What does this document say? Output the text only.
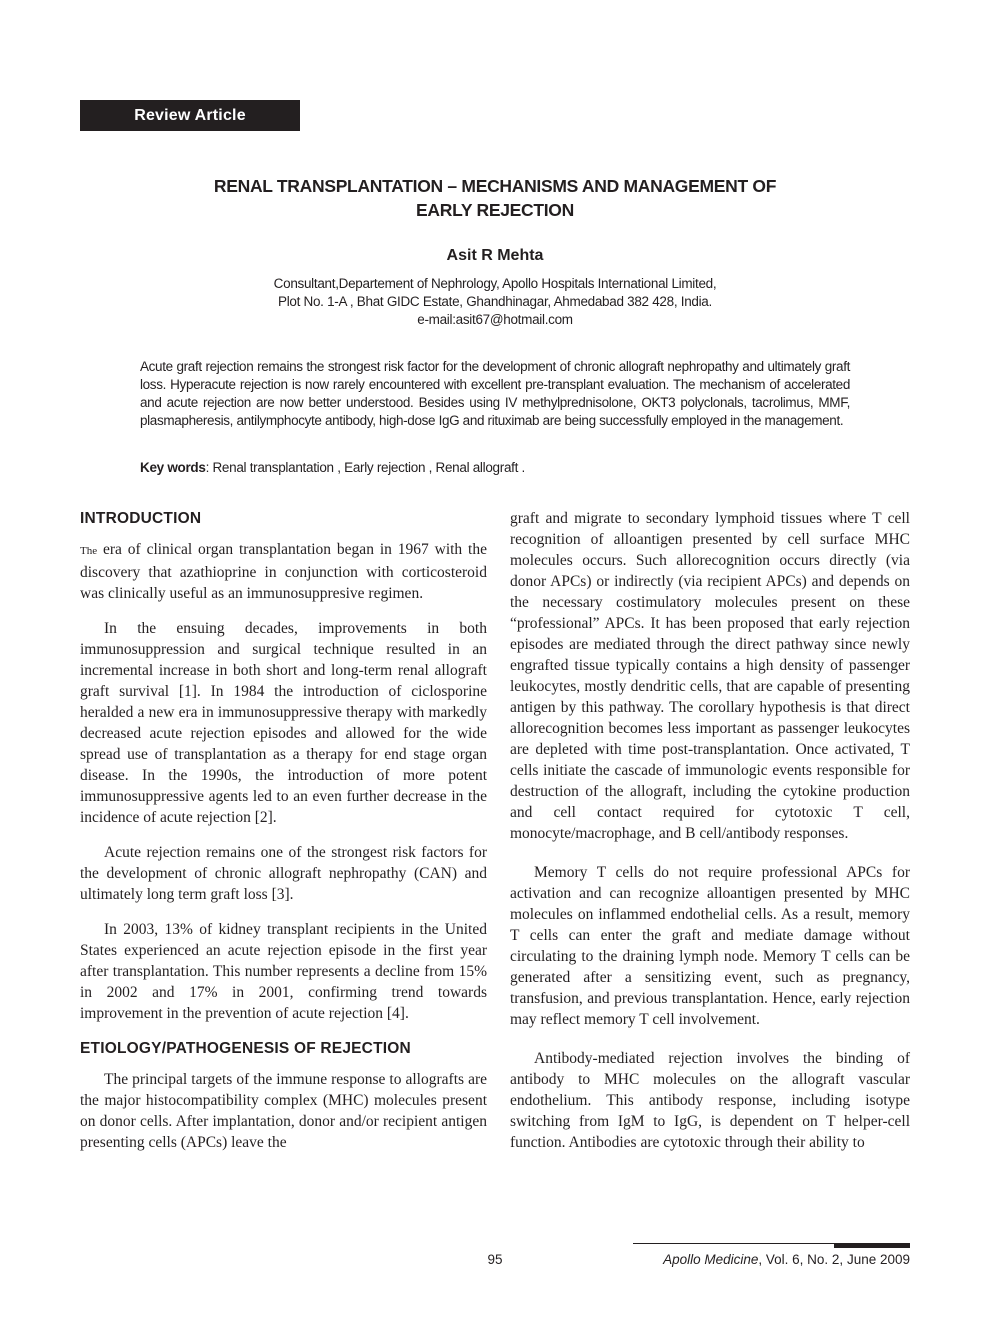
Review Article
RENAL TRANSPLANTATION – MECHANISMS AND MANAGEMENT OF
EARLY REJECTION
Asit R Mehta
Consultant,Departement of Nephrology, Apollo Hospitals International Limited,
Plot No. 1-A , Bhat GIDC Estate, Ghandhinagar, Ahmedabad 382 428, India.
e-mail:asit67@hotmail.com

Acute graft rejection remains the strongest risk factor for the development of chronic allograft nephropathy and ultimately graft loss. Hyperacute rejection is now rarely encountered with excellent pre-transplant evaluation. The mechanism of accelerated and acute rejection are now better understood. Besides using IV methylprednisolone, OKT3 polyclonals, tacrolimus, MMF, plasmapheresis, antilymphocyte antibody, high-dose IgG and rituximab are being successfully employed in the management.

Key words: Renal transplantation , Early rejection , Renal allograft .
INTRODUCTION

The era of clinical organ transplantation began in 1967 with the discovery that azathioprine in conjunction with corticosteroid was clinically useful as an immunosuppresive regimen.

In the ensuing decades, improvements in both immunosuppression and surgical technique resulted in an incremental increase in both short and long-term renal allograft graft survival [1]. In 1984 the introduction of ciclosporine heralded a new era in immunosuppressive therapy with markedly decreased acute rejection episodes and allowed for the wide spread use of transplantation as a therapy for end stage organ disease. In the 1990s, the introduction of more potent immunosuppressive agents led to an even further decrease in the incidence of acute rejection [2].

Acute rejection remains one of the strongest risk factors for the development of chronic allograft nephropathy (CAN) and ultimately long term graft loss [3].

In 2003, 13% of kidney transplant recipients in the United States experienced an acute rejection episode in the first year after transplantation. This number represents a decline from 15% in 2002 and 17% in 2001, confirming trend towards improvement in the prevention of acute rejection [4].

ETIOLOGY/PATHOGENESIS OF REJECTION

The principal targets of the immune response to allografts are the major histocompatibility complex (MHC) molecules present on donor cells. After implantation, donor and/or recipient antigen presenting cells (APCs) leave the

graft and migrate to secondary lymphoid tissues where T cell recognition of alloantigen presented by cell surface MHC molecules occurs. Such allorecognition occurs directly (via donor APCs) or indirectly (via recipient APCs) and depends on the necessary costimulatory molecules present on these “professional” APCs. It has been proposed that early rejection episodes are mediated through the direct pathway since newly engrafted tissue typically contains a high density of passenger leukocytes, mostly dendritic cells, that are capable of presenting antigen by this pathway. The corollary hypothesis is that direct allorecognition becomes less important as passenger leukocytes are depleted with time post-transplantation. Once activated, T cells initiate the cascade of immunologic events responsible for destruction of the allograft, including the cytokine production and cell contact required for cytotoxic T cell, monocyte/macrophage, and B cell/antibody responses.

Memory T cells do not require professional APCs for activation and can recognize alloantigen presented by MHC molecules on inflammed endothelial cells. As a result, memory T cells can enter the graft and mediate damage without circulating to the draining lymph node. Memory T cells can be generated after a sensitizing event, such as pregnancy, transfusion, and previous transplantation. Hence, early rejection may reflect memory T cell involvement.

Antibody-mediated rejection involves the binding of antibody to MHC molecules on the allograft vascular endothelium. This antibody response, including isotype switching from IgM to IgG, is dependent on T helper-cell function. Antibodies are cytotoxic through their ability to

95	Apollo Medicine, Vol. 6, No. 2, June 2009
